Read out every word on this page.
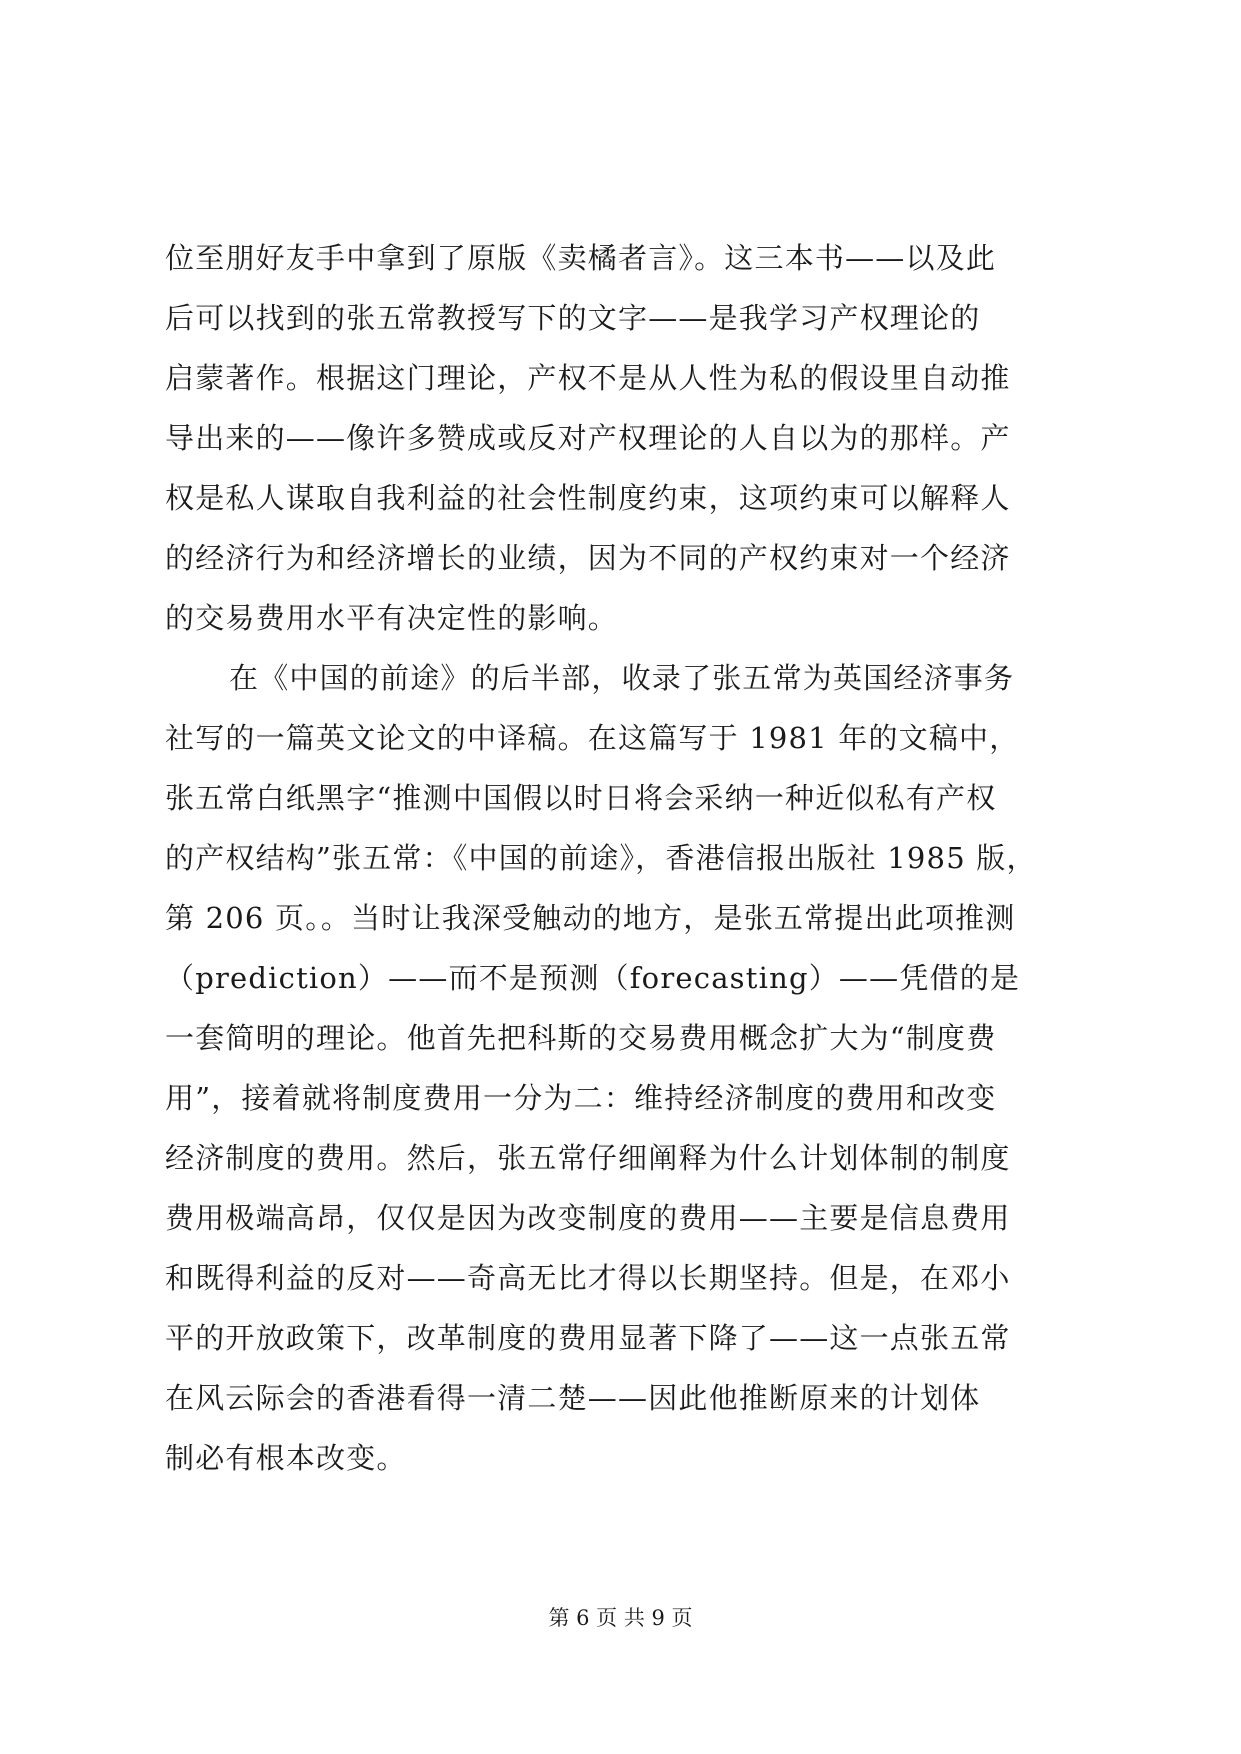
位至朋好友手中拿到了原版《卖橘者言》。这三本书——以及此
后可以找到的张五常教授写下的文字——是我学习产权理论的
启蒙著作。根据这门理论，产权不是从人性为私的假设里自动推
导出来的——像许多赞成或反对产权理论的人自以为的那样。产
权是私人谋取自我利益的社会性制度约束，这项约束可以解释人
的经济行为和经济增长的业绩，因为不同的产权约束对一个经济
的交易费用水平有决定性的影响。
在《中国的前途》的后半部，收录了张五常为英国经济事务
社写的一篇英文论文的中译稿。在这篇写于 1981 年的文稿中，
张五常白纸黑字“推测中国假以时日将会采纳一种近似私有产权
的产权结构”张五常：《中国的前途》，香港信报出版社 1985 版，
第 206 页。。当时让我深受触动的地方，是张五常提出此项推测
（prediction）——而不是预测（forecasting）——凭借的是
一套简明的理论。他首先把科斯的交易费用概念扩大为“制度费
用”，接着就将制度费用一分为二：维持经济制度的费用和改变
经济制度的费用。然后，张五常仔细阐释为什么计划体制的制度
费用极端高昂，仅仅是因为改变制度的费用——主要是信息费用
和既得利益的反对——奇高无比才得以长期坚持。但是，在邓小
平的开放政策下，改革制度的费用显著下降了——这一点张五常
在风云际会的香港看得一清二楚——因此他推断原来的计划体
制必有根本改变。
第 6 页 共 9 页
